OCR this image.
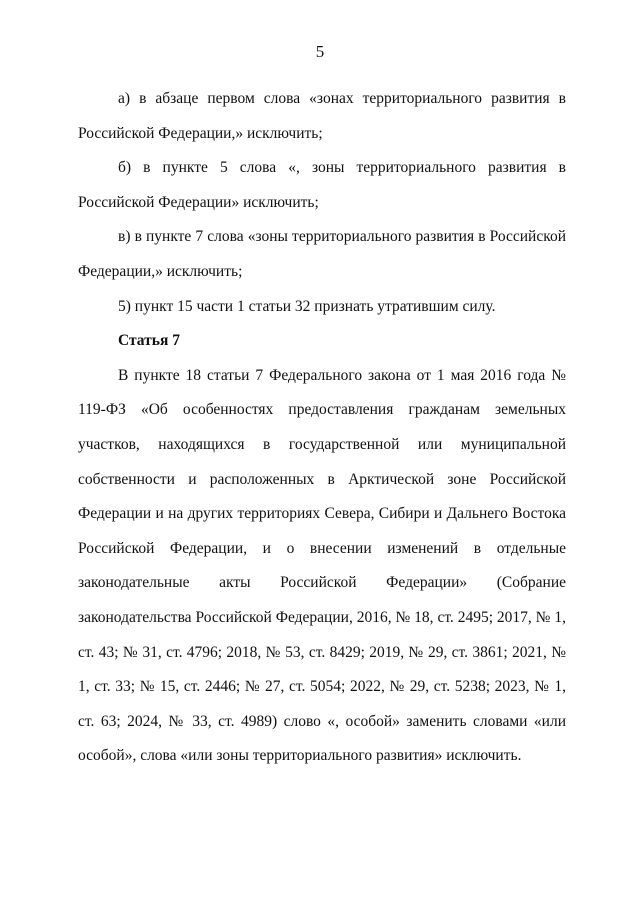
5

а) в абзаце первом слова «зонах территориального развития в Российской Федерации,» исключить;

б) в пункте 5 слова «, зоны территориального развития в Российской Федерации» исключить;

в) в пункте 7 слова «зоны территориального развития в Российской Федерации,» исключить;

5) пункт 15 части 1 статьи 32 признать утратившим силу.

Статья 7

В пункте 18 статьи 7 Федерального закона от 1 мая 2016 года № 119-ФЗ «Об особенностях предоставления гражданам земельных участков, находящихся в государственной или муниципальной собственности и расположенных в Арктической зоне Российской Федерации и на других территориях Севера, Сибири и Дальнего Востока Российской Федерации, и о внесении изменений в отдельные законодательные акты Российской Федерации» (Собрание законодательства Российской Федерации, 2016, № 18, ст. 2495; 2017, № 1, ст. 43; № 31, ст. 4796; 2018, № 53, ст. 8429; 2019, № 29, ст. 3861; 2021, № 1, ст. 33; № 15, ст. 2446; № 27, ст. 5054; 2022, № 29, ст. 5238; 2023, № 1, ст. 63; 2024, № 33, ст. 4989) слово «, особой» заменить словами «или особой», слова «или зоны территориального развития» исключить.
